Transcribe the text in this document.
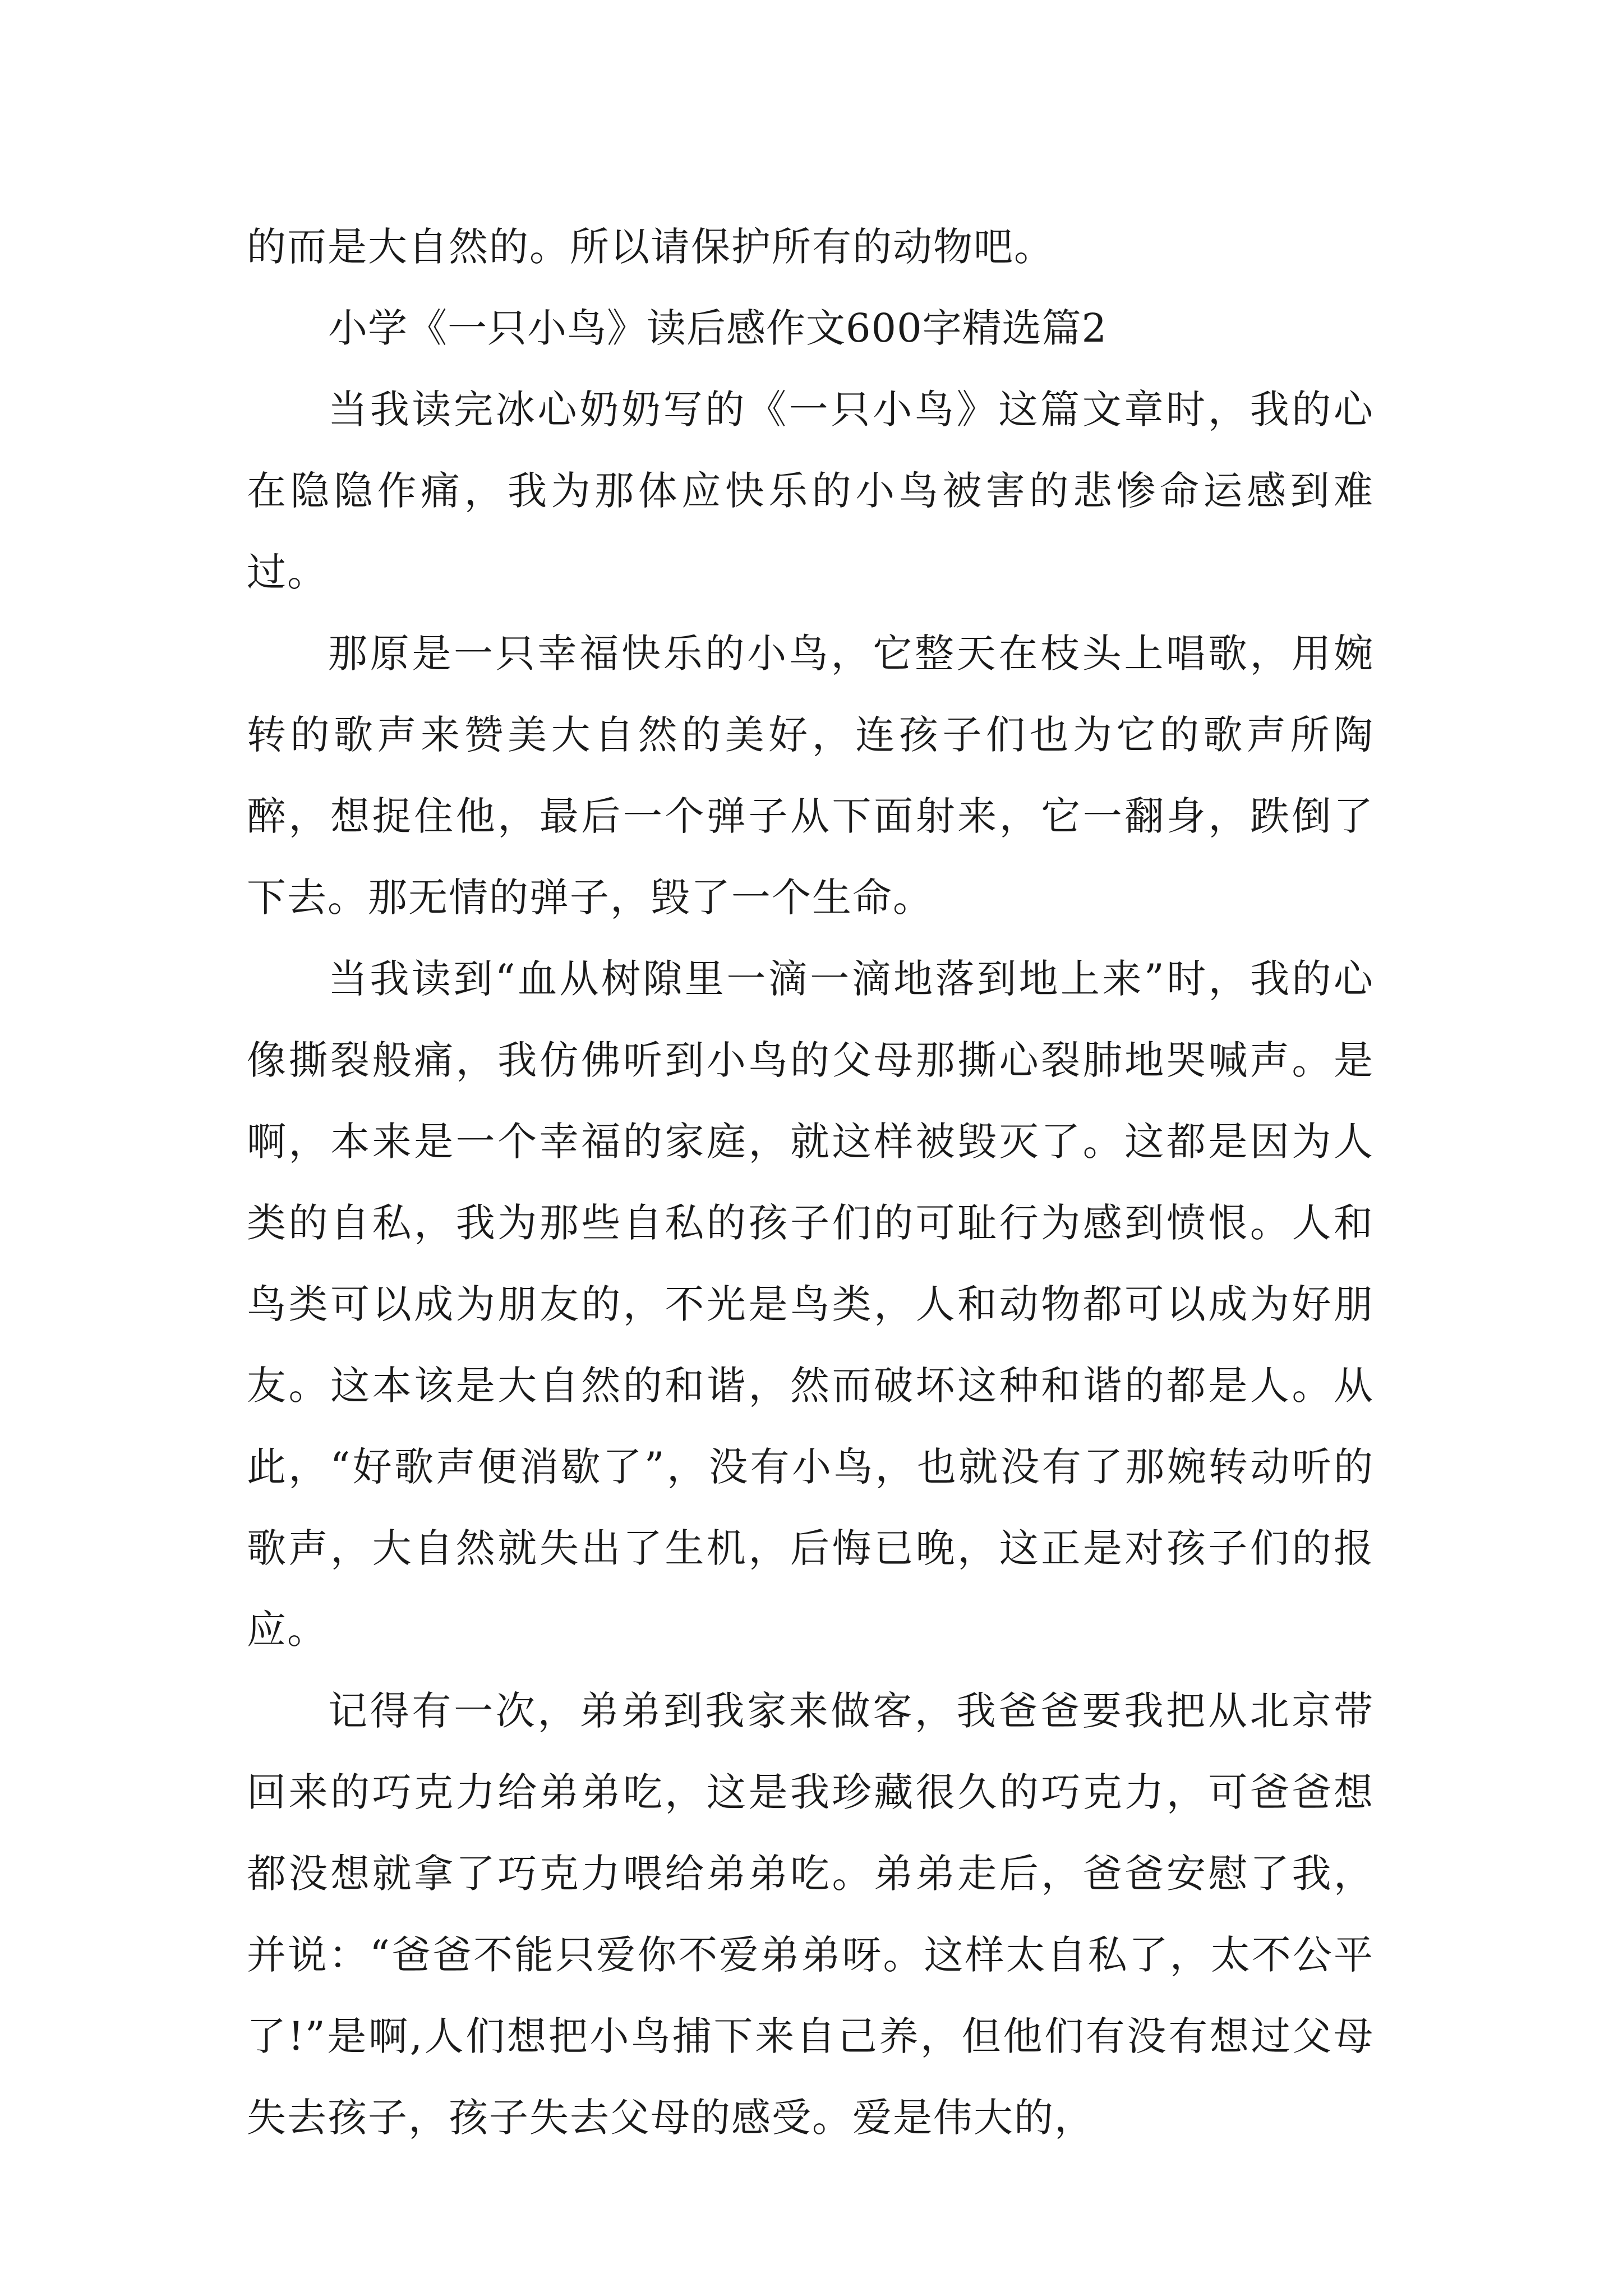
的而是大自然的。所以请保护所有的动物吧。

小学《一只小鸟》读后感作文600字精选篇2

当我读完冰心奶奶写的《一只小鸟》这篇文章时，我的心在隐隐作痛，我为那体应快乐的小鸟被害的悲惨命运感到难过。

那原是一只幸福快乐的小鸟，它整天在枝头上唱歌，用婉转的歌声来赞美大自然的美好，连孩子们也为它的歌声所陶醉，想捉住他，最后一个弹子从下面射来，它一翻身，跌倒了下去。那无情的弹子，毁了一个生命。

当我读到“血从树隙里一滴一滴地落到地上来”时，我的心像撕裂般痛，我仿佛听到小鸟的父母那撕心裂肺地哭喊声。是啊，本来是一个幸福的家庭，就这样被毁灭了。这都是因为人类的自私，我为那些自私的孩子们的可耻行为感到愤恨。人和鸟类可以成为朋友的，不光是鸟类，人和动物都可以成为好朋友。这本该是大自然的和谐，然而破坏这种和谐的都是人。从此，“好歌声便消歇了”，没有小鸟，也就没有了那婉转动听的歌声，大自然就失出了生机，后悔已晚，这正是对孩子们的报应。

记得有一次，弟弟到我家来做客，我爸爸要我把从北京带回来的巧克力给弟弟吃，这是我珍藏很久的巧克力，可爸爸想都没想就拿了巧克力喂给弟弟吃。弟弟走后，爸爸安慰了我，并说：“爸爸不能只爱你不爱弟弟呀。这样太自私了，太不公平了!”是啊,人们想把小鸟捕下来自己养，但他们有没有想过父母失去孩子，孩子失去父母的感受。爱是伟大的，
